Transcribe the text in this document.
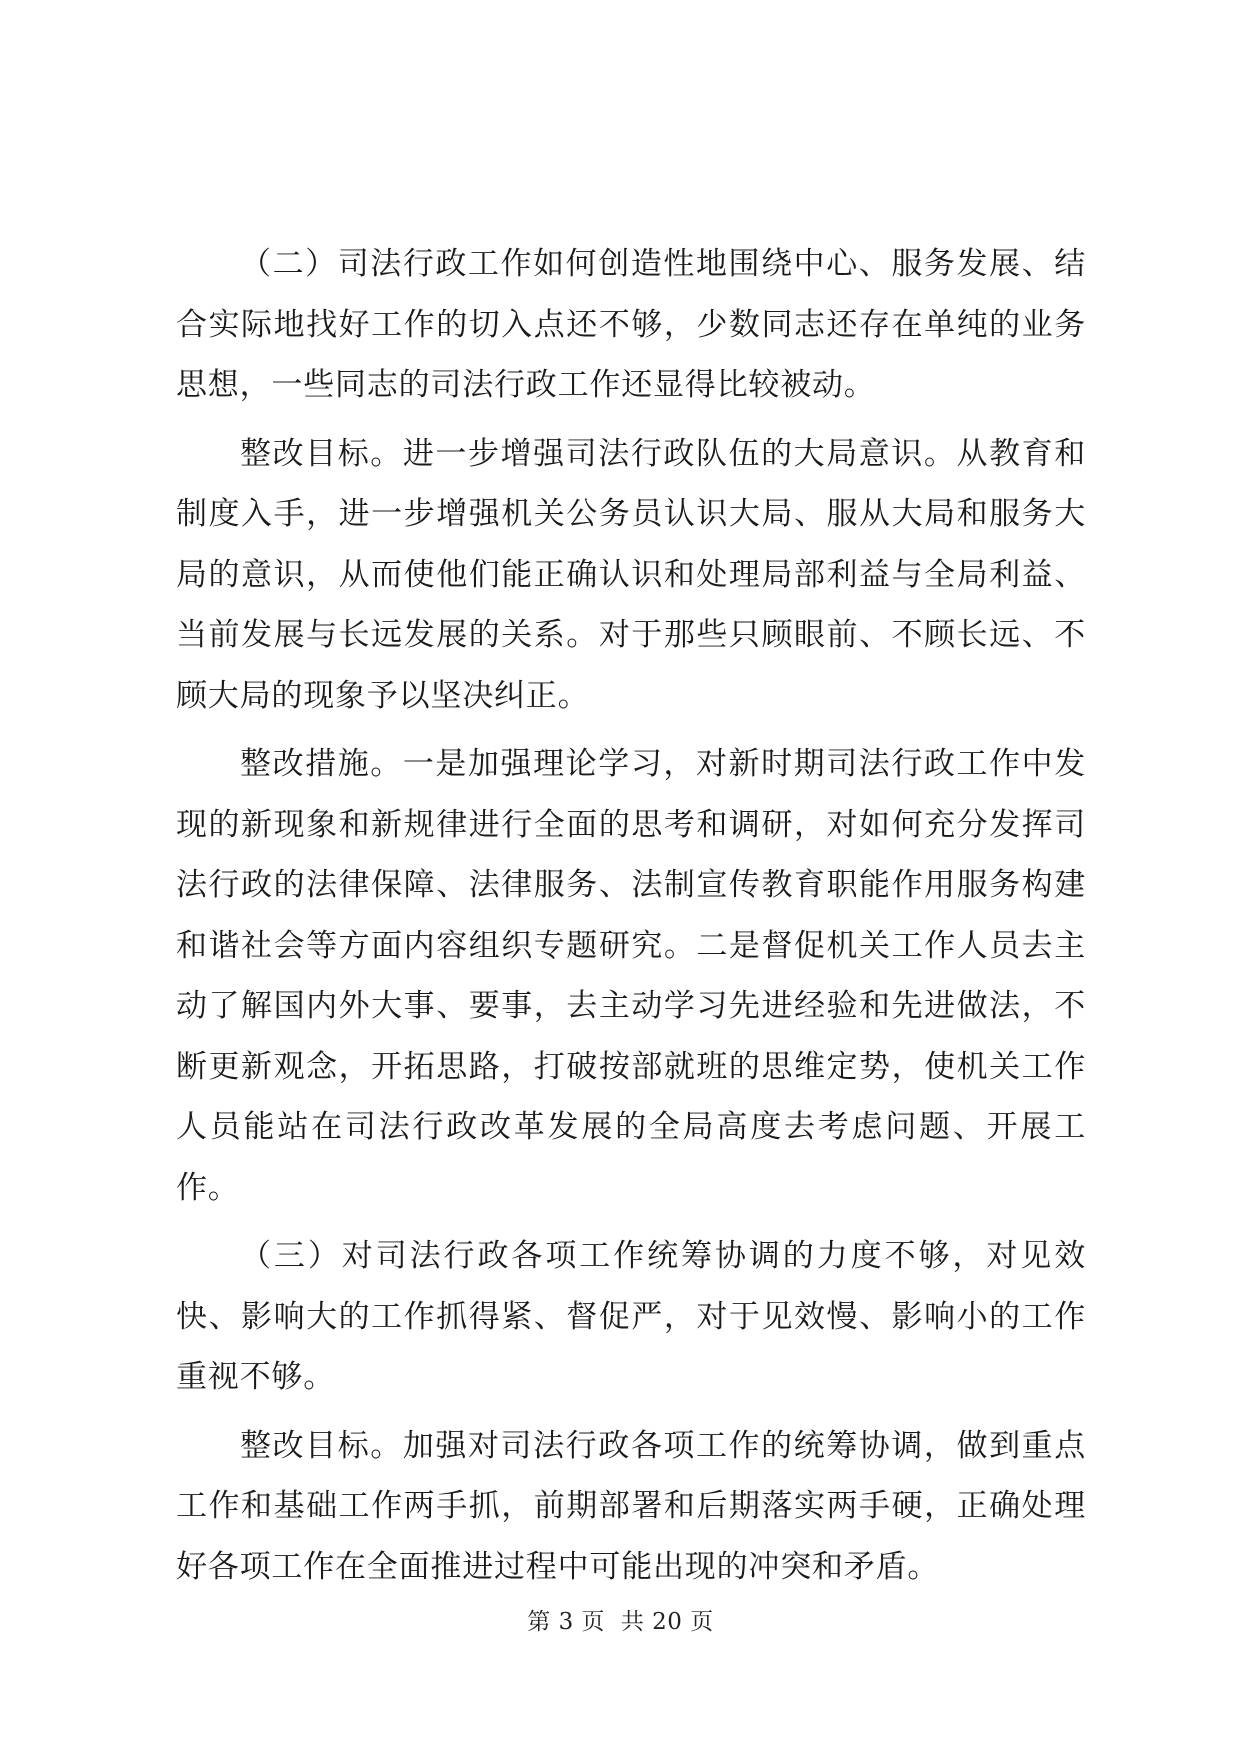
（二）司法行政工作如何创造性地围绕中心、服务发展、结合实际地找好工作的切入点还不够，少数同志还存在单纯的业务思想，一些同志的司法行政工作还显得比较被动。

整改目标。进一步增强司法行政队伍的大局意识。从教育和制度入手，进一步增强机关公务员认识大局、服从大局和服务大局的意识，从而使他们能正确认识和处理局部利益与全局利益、当前发展与长远发展的关系。对于那些只顾眼前、不顾长远、不顾大局的现象予以坚决纠正。

整改措施。一是加强理论学习，对新时期司法行政工作中发现的新现象和新规律进行全面的思考和调研，对如何充分发挥司法行政的法律保障、法律服务、法制宣传教育职能作用服务构建和谐社会等方面内容组织专题研究。二是督促机关工作人员去主动了解国内外大事、要事，去主动学习先进经验和先进做法，不断更新观念，开拓思路，打破按部就班的思维定势，使机关工作人员能站在司法行政改革发展的全局高度去考虑问题、开展工作。

（三）对司法行政各项工作统筹协调的力度不够，对见效快、影响大的工作抓得紧、督促严，对于见效慢、影响小的工作重视不够。

整改目标。加强对司法行政各项工作的统筹协调，做到重点工作和基础工作两手抓，前期部署和后期落实两手硬，正确处理好各项工作在全面推进过程中可能出现的冲突和矛盾。

第 3 页 共 20 页
